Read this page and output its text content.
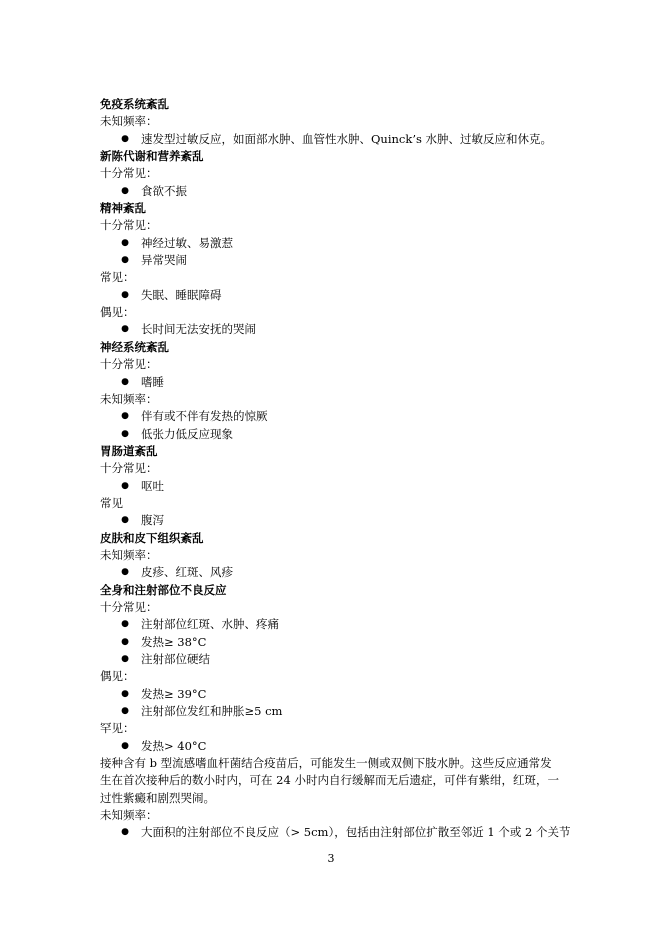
免疫系统紊乱
未知频率：
● 速发型过敏反应，如面部水肿、血管性水肿、Quinck’s 水肿、过敏反应和休克。
新陈代谢和营养紊乱
十分常见：
● 食欲不振
精神紊乱
十分常见：
● 神经过敏、易激惹
● 异常哭闹
常见：
● 失眠、睡眠障碍
偶见：
● 长时间无法安抚的哭闹
神经系统紊乱
十分常见：
● 嗜睡
未知频率：
● 伴有或不伴有发热的惊厥
● 低张力低反应现象
胃肠道紊乱
十分常见：
● 呕吐
常见
● 腹泻
皮肤和皮下组织紊乱
未知频率：
● 皮疹、红斑、风疹
全身和注射部位不良反应
十分常见：
● 注射部位红斑、水肿、疼痛
● 发热≥ 38°C
● 注射部位硬结
偶见：
● 发热≥ 39°C
● 注射部位发红和肿胀≥5 cm
罕见：
● 发热> 40°C
接种含有 b 型流感嗜血杆菌结合疫苗后，可能发生一侧或双侧下肢水肿。这些反应通常发
生在首次接种后的数小时内，可在 24 小时内自行缓解而无后遗症，可伴有紫绀，红斑，一
过性紫癜和剧烈哭闹。
未知频率：
● 大面积的注射部位不良反应（> 5cm），包括由注射部位扩散至邻近 1 个或 2 个关节
3
